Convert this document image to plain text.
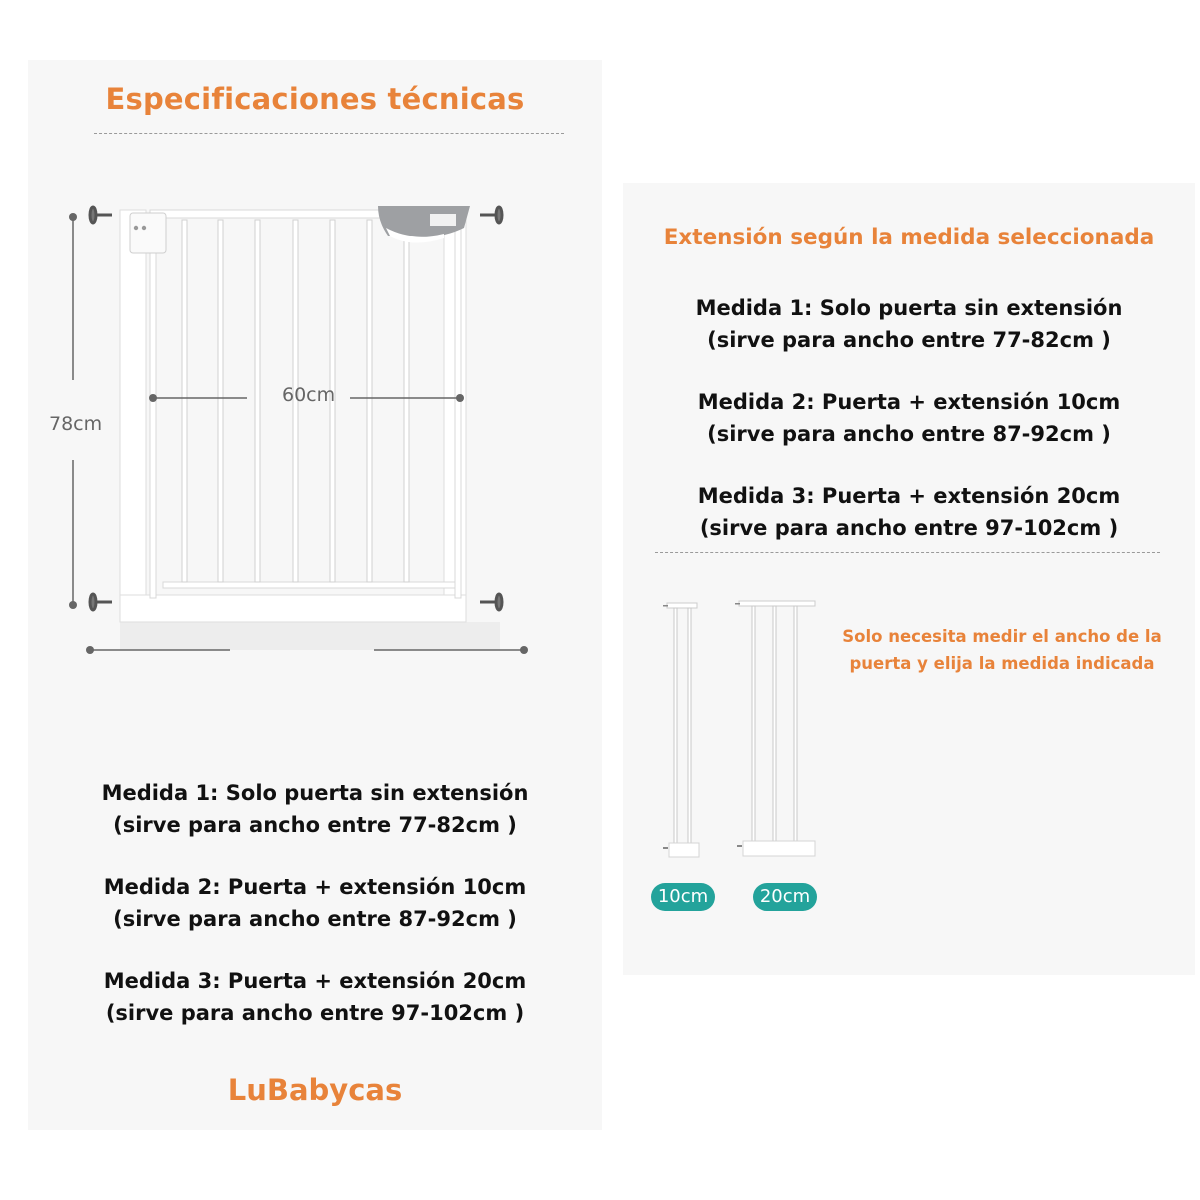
Especificaciones técnicas
78cm
60cm
Medida 1: Solo puerta sin extensión
(sirve para ancho entre 77-82cm )
Medida 2: Puerta + extensión 10cm
(sirve para ancho entre 87-92cm )
Medida 3: Puerta + extensión 20cm
(sirve para ancho entre 97-102cm )
LuBabycas
Extensión según la medida seleccionada
Medida 1: Solo puerta sin extensión
(sirve para ancho entre 77-82cm )
Medida 2: Puerta + extensión 10cm
(sirve para ancho entre 87-92cm )
Medida 3: Puerta + extensión 20cm
(sirve para ancho entre 97-102cm )
10cm	20cm
Solo necesita medir el ancho de la
puerta y elija la medida indicada
